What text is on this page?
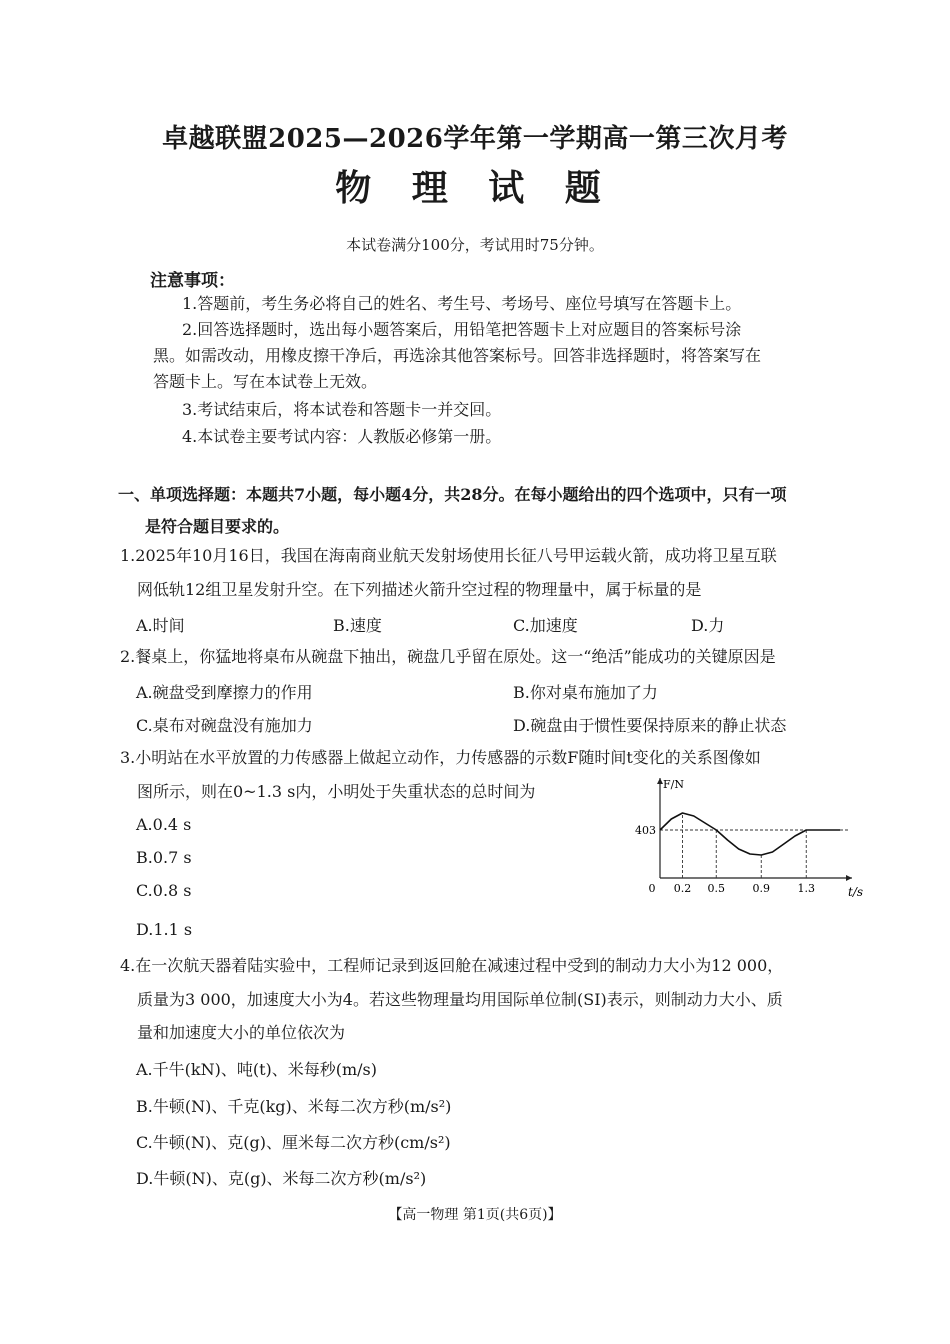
卓越联盟2025—2026学年第一学期高一第三次月考
物 理 试 题
本试卷满分100分，考试用时75分钟。
注意事项：
1.答题前，考生务必将自己的姓名、考生号、考场号、座位号填写在答题卡上。
2.回答选择题时，选出每小题答案后，用铅笔把答题卡上对应题目的答案标号涂
黑。如需改动，用橡皮擦干净后，再选涂其他答案标号。回答非选择题时，将答案写在
答题卡上。写在本试卷上无效。
3.考试结束后，将本试卷和答题卡一并交回。
4.本试卷主要考试内容：人教版必修第一册。
一、单项选择题：本题共7小题，每小题4分，共28分。在每小题给出的四个选项中，只有一项
是符合题目要求的。
1.2025年10月16日，我国在海南商业航天发射场使用长征八号甲运载火箭，成功将卫星互联
网低轨12组卫星发射升空。在下列描述火箭升空过程的物理量中，属于标量的是
A.时间	B.速度	C.加速度	D.力
2.餐桌上，你猛地将桌布从碗盘下抽出，碗盘几乎留在原处。这一“绝活”能成功的关键原因是
A.碗盘受到摩擦力的作用	B.你对桌布施加了力
C.桌布对碗盘没有施加力	D.碗盘由于惯性要保持原来的静止状态
3.小明站在水平放置的力传感器上做起立动作，力传感器的示数F随时间t变化的关系图像如
图所示，则在0~1.3 s内，小明处于失重状态的总时间为
A.0.4 s
B.0.7 s
C.0.8 s
D.1.1 s
F/N
t/s
0
403
0.2 0.5	0.9	1.3
4.在一次航天器着陆实验中，工程师记录到返回舱在减速过程中受到的制动力大小为12 000，
质量为3 000，加速度大小为4。若这些物理量均用国际单位制(SI)表示，则制动力大小、质
量和加速度大小的单位依次为
A.千牛(kN)、吨(t)、米每秒(m/s)
B.牛顿(N)、千克(kg)、米每二次方秒(m/s²)
C.牛顿(N)、克(g)、厘米每二次方秒(cm/s²)
D.牛顿(N)、克(g)、米每二次方秒(m/s²)
【高一物理 第1页(共6页)】
